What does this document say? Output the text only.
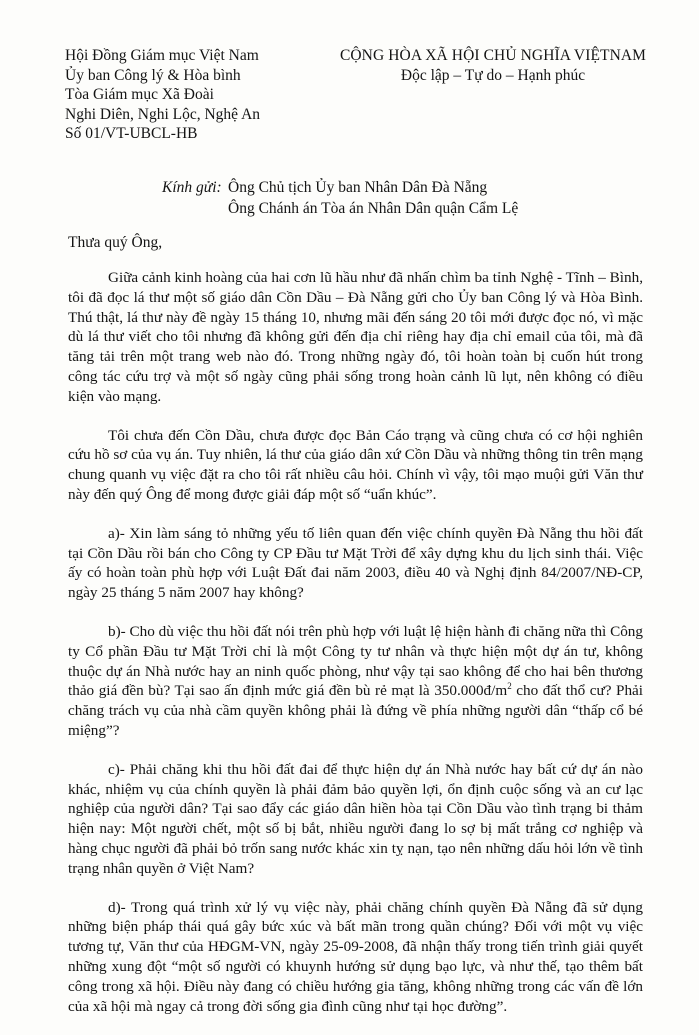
Hội Đồng Giám mục Việt Nam
Ủy ban Công lý & Hòa bình
Tòa Giám mục Xã Đoài
Nghi Diên, Nghi Lộc, Nghệ An
Số 01/VT-UBCL-HB
CỘNG HÒA XÃ HỘI CHỦ NGHĨA VIỆTNAM
Độc lập – Tự do – Hạnh phúc
Kính gửi: Ông Chủ tịch Ủy ban Nhân Dân Đà Nẵng
Ông Chánh án Tòa án Nhân Dân quận Cẩm Lệ
Thưa quý Ông,

Giữa cảnh kinh hoàng của hai cơn lũ hầu như đã nhấn chìm ba tỉnh Nghệ - Tĩnh – Bình, tôi đã đọc lá thư một số giáo dân Cồn Dầu – Đà Nẵng gửi cho Ủy ban Công lý và Hòa Bình. Thú thật, lá thư này đề ngày 15 tháng 10, nhưng mãi đến sáng 20 tôi mới được đọc nó, vì mặc dù lá thư viết cho tôi nhưng đã không gửi đến địa chỉ riêng hay địa chỉ email của tôi, mà đã tăng tải trên một trang web nào đó. Trong những ngày đó, tôi hoàn toàn bị cuốn hút trong công tác cứu trợ và một số ngày cũng phải sống trong hoàn cảnh lũ lụt, nên không có điều kiện vào mạng.

Tôi chưa đến Cồn Dầu, chưa được đọc Bản Cáo trạng và cũng chưa có cơ hội nghiên cứu hồ sơ của vụ án. Tuy nhiên, lá thư của giáo dân xứ Cồn Dầu và những thông tin trên mạng chung quanh vụ việc đặt ra cho tôi rất nhiều câu hỏi. Chính vì vậy, tôi mạo muội gửi Văn thư này đến quý Ông để mong được giải đáp một số “uẩn khúc”.

a)- Xin làm sáng tỏ những yếu tố liên quan đến việc chính quyền Đà Nẵng thu hồi đất tại Cồn Dầu rồi bán cho Công ty CP Đầu tư Mặt Trời để xây dựng khu du lịch sinh thái. Việc ấy có hoàn toàn phù hợp với Luật Đất đai năm 2003, điều 40 và Nghị định 84/2007/NĐ-CP, ngày 25 tháng 5 năm 2007 hay không?

b)- Cho dù việc thu hồi đất nói trên phù hợp với luật lệ hiện hành đi chăng nữa thì Công ty Cổ phần Đầu tư Mặt Trời chỉ là một Công ty tư nhân và thực hiện một dự án tư, không thuộc dự án Nhà nước hay an ninh quốc phòng, như vậy tại sao không để cho hai bên thương thảo giá đền bù? Tại sao ấn định mức giá đền bù rẻ mạt là $350.000đ/m^2$ cho đất thổ cư? Phải chăng trách vụ của nhà cầm quyền không phải là đứng về phía những người dân “thấp cổ bé miệng”?

c)- Phải chăng khi thu hồi đất đai để thực hiện dự án Nhà nước hay bất cứ dự án nào khác, nhiệm vụ của chính quyền là phải đảm bảo quyền lợi, ổn định cuộc sống và an cư lạc nghiệp của người dân? Tại sao đẩy các giáo dân hiền hòa tại Cồn Dầu vào tình trạng bi thảm hiện nay: Một người chết, một số bị bắt, nhiều người đang lo sợ bị mất trắng cơ nghiệp và hàng chục người đã phải bỏ trốn sang nước khác xin tỵ nạn, tạo nên những dấu hỏi lớn về tình trạng nhân quyền ở Việt Nam?

d)- Trong quá trình xử lý vụ việc này, phải chăng chính quyền Đà Nẵng đã sử dụng những biện pháp thái quá gây bức xúc và bất mãn trong quần chúng? Đối với một vụ việc tương tự, Văn thư của HĐGM-VN, ngày 25-09-2008, đã nhận thấy trong tiến trình giải quyết những xung đột “một số người có khuynh hướng sử dụng bạo lực, và như thế, tạo thêm bất công trong xã hội. Điều này đang có chiều hướng gia tăng, không những trong các vấn đề lớn của xã hội mà ngay cả trong đời sống gia đình cũng như tại học đường”.
